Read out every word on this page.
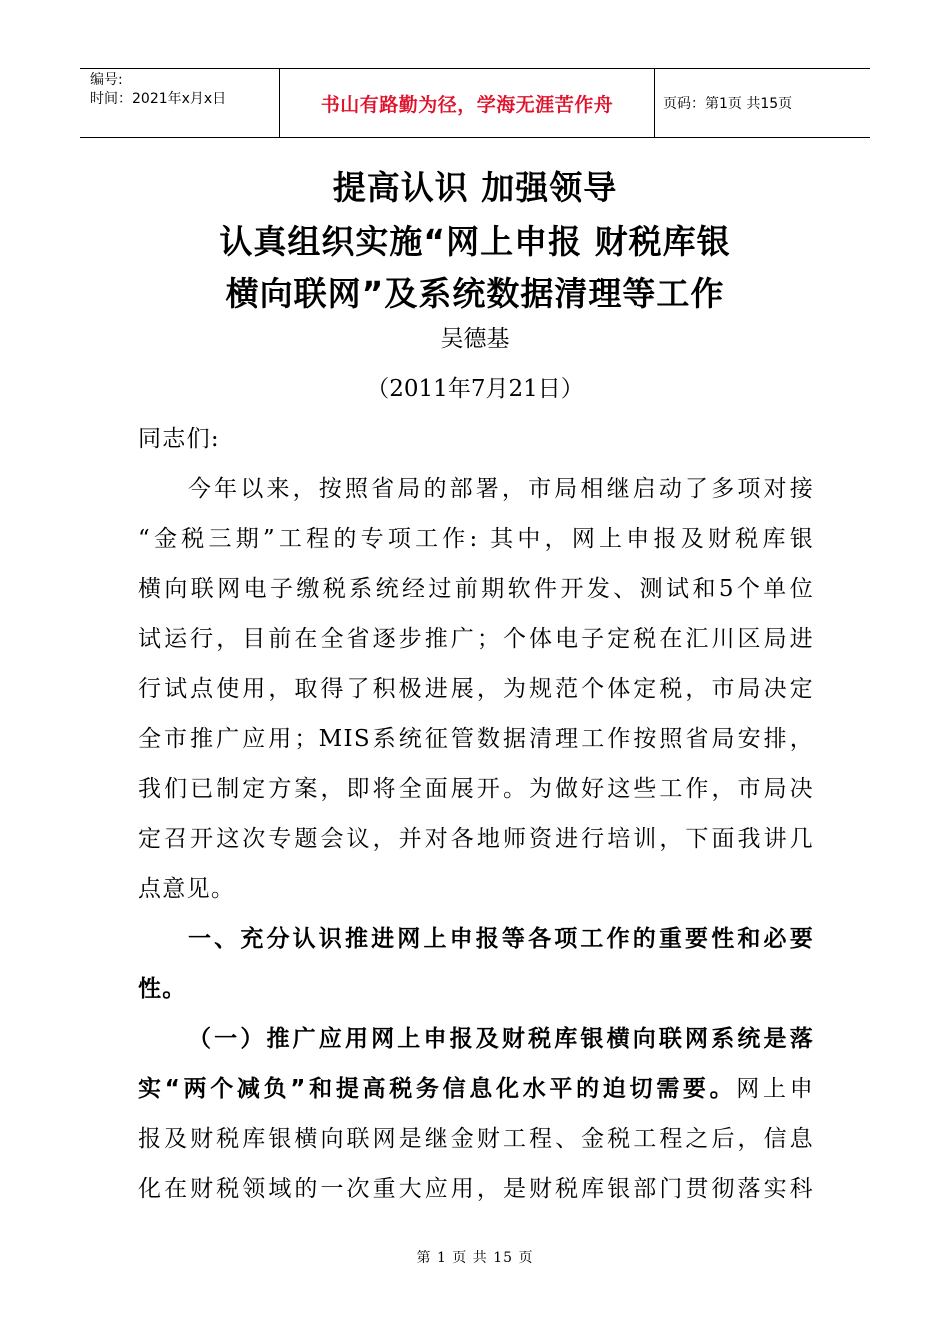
编号:
时间：2021年x月x日	书山有路勤为径，学海无涯苦作舟	页码：第1页 共15页
提高认识 加强领导
认真组织实施“网上申报 财税库银
横向联网”及系统数据清理等工作
吴德基
（2011年7月21日）
同志们:
今年以来，按照省局的部署，市局相继启动了多项对接
“金税三期”工程的专项工作: 其中，网上申报及财税库银
横向联网电子缴税系统经过前期软件开发、测试和5个单位
试运行，目前在全省逐步推广；个体电子定税在汇川区局进
行试点使用，取得了积极进展，为规范个体定税，市局决定
全市推广应用；MIS系统征管数据清理工作按照省局安排，
我们已制定方案，即将全面展开。为做好这些工作，市局决
定召开这次专题会议，并对各地师资进行培训，下面我讲几
点意见。
一、充分认识推进网上申报等各项工作的重要性和必要
性。
（一）推广应用网上申报及财税库银横向联网系统是落
实“两个减负”和提高税务信息化水平的迫切需要。网上申
报及财税库银横向联网是继金财工程、金税工程之后，信息
化在财税领域的一次重大应用，是财税库银部门贯彻落实科
第 1 页 共 15 页
